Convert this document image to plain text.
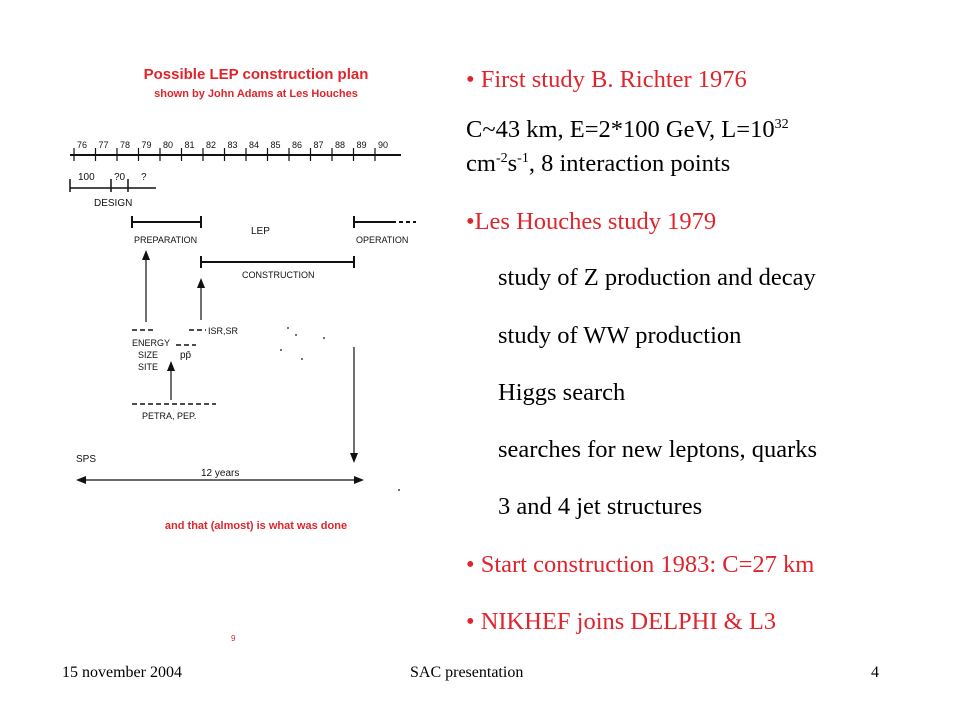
Possible LEP construction plan
shown by John Adams at Les Houches
76 77 78 79 80 81 82 83 84 85 86 87 88 89 90
100 ?0 ?
DESIGN
LEP
PREPARATION	OPERATION
CONSTRUCTION
ENERGY
SIZE
SITE
ISR,SR
pp̄
PETRA, PEP.
SPS
12 years
and that (almost) is what was done
9
• First study B. Richter 1976
C~43 km, E=2*100 GeV, $L=10^{32}$
$cm^{-2}s^{-1}$, 8 interaction points
•Les Houches study 1979
study of Z production and decay
study of WW production
Higgs search
searches for new leptons, quarks
3 and 4 jet structures
• Start construction 1983: C=27 km
• NIKHEF joins DELPHI & L3
15 november 2004	SAC presentation	4
